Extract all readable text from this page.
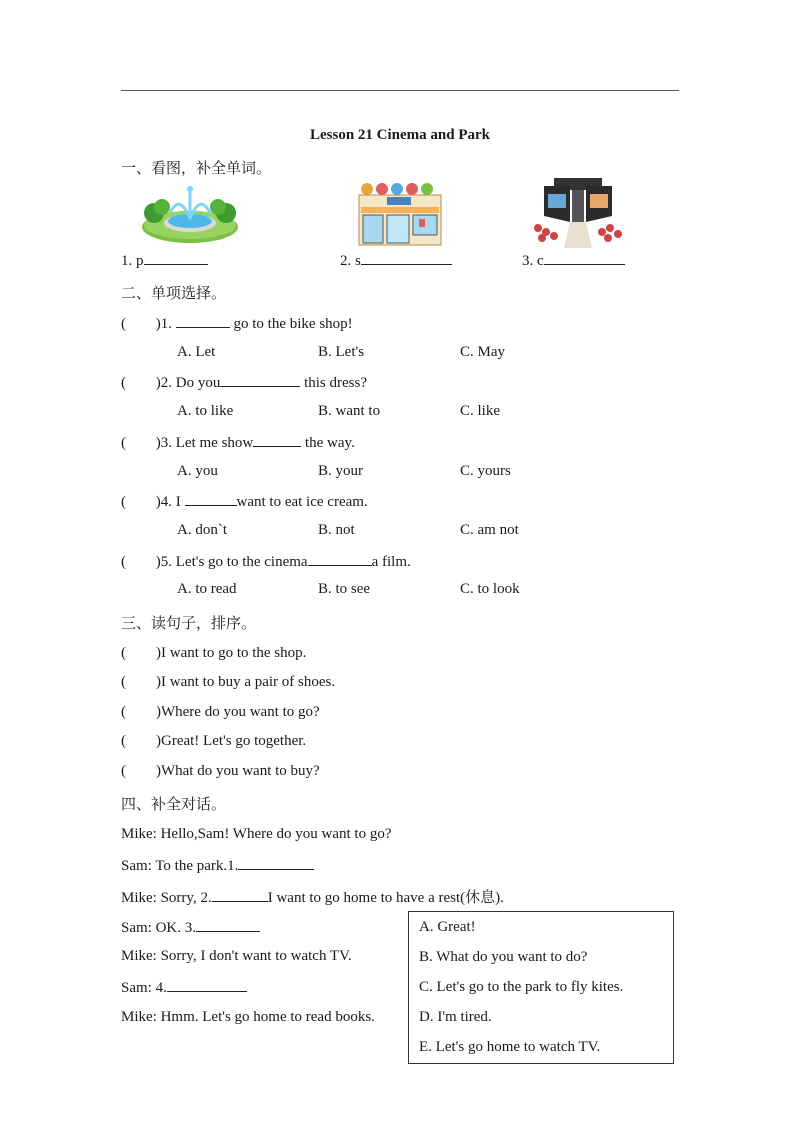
Lesson 21 Cinema and Park
一、看图，补全单词。
1. p	2. s	3. c
二、单项选择。
( )1.	go to the bike shop!
A. Let	B. Let's	C. May
( )2. Do you	this dress?
A. to like	B. want to	C. like
( )3. Let me show	the way.
A. you	B. your	C. yours
( )4. I	want to eat ice cream.
A. don`t	B. not	C. am not
( )5. Let's go to the cinema	a film.
A. to read	B. to see	C. to look
三、读句子，排序。
( )I want to go to the shop.
( )I want to buy a pair of shoes.
( )Where do you want to go?
( )Great! Let's go together.
( )What do you want to buy?
四、补全对话。
Mike: Hello,Sam! Where do you want to go?
Sam: To the park.1.
Mike: Sorry, 2.	I want to go home to have a rest(休息).
Sam: OK. 3.
Mike: Sorry, I don't want to watch TV.
Sam: 4.
Mike: Hmm. Let's go home to read books.
A. Great!
B. What do you want to do?
C. Let's go to the park to fly kites.
D. I'm tired.
E. Let's go home to watch TV.
